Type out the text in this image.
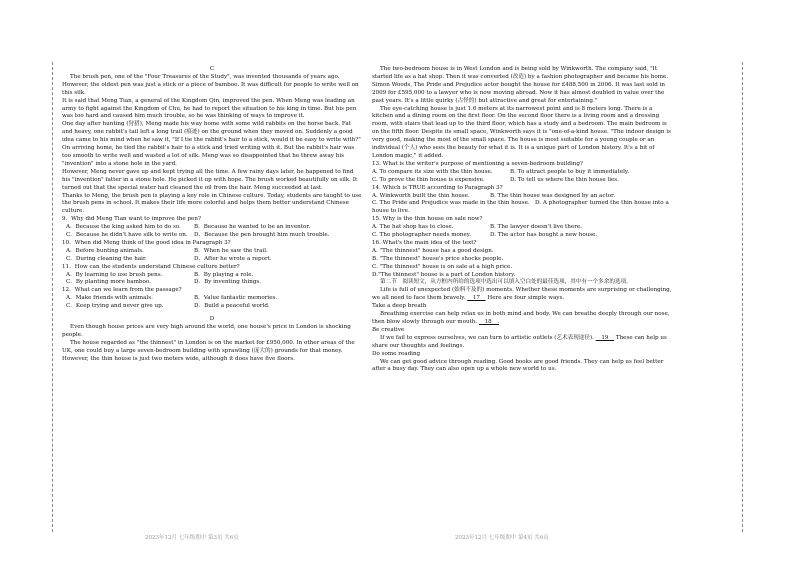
C

The brush pen, one of the "Four Treasures of the Study", was invented thousands of years ago. However, the oldest pen was just a stick or a piece of bamboo. It was difficult for people to write well on this silk.

It is said that Meng Tian, a general of the Kingdom Qin, improved the pen. When Meng was leading an army to fight against the Kingdom of Chu, he had to report the situation to his king in time. But his pen was too hard and caused him much trouble, so he was thinking of ways to improve it.

One day after hunting (狩猎), Meng made his way home with some wild rabbits on the horse back. Fat and heavy, one rabbit's tail left a long trail (痕迹) on the ground when they moved on. Suddenly a good idea came to his mind when he saw it, "If I tie the rabbit's hair to a stick, would it be easy to write with?"

On arriving home, he tied the rabbit's hair to a stick and tried writing with it. But the rabbit's hair was too smooth to write well and wasted a lot of silk. Meng was so disappointed that he threw away his "invention" into a stone hole in the yard.

However, Meng never gave up and kept trying all the time. A few rainy days later, he happened to find his "invention" fatter in a stone hole. He picked it up with hope. The brush worked beautifully on silk. It turned out that the special water had cleaned the oil from the hair. Meng succeeded at last.

Thanks to Meng, the brush pen is playing a key role in Chinese culture. Today, students are taught to use the brush pens in school. It makes their life more colorful and helps them better understand Chinese culture.

9．Why did Meng Tian want to improve the pen?

A．Because the king asked him to do so.	B．Because he wanted to be an inventor.
C．Because he didn't have silk to write on.	D．Because the pen brought him much trouble.

10．When did Meng think of the good idea in Paragraph 3?

A．Before hunting animals.	B．When he saw the trail.
C．During cleaning the hair.	D．After he wrote a report.

11．How can the students understand Chinese culture better?

A．By learning to use brush pens.	B．By playing a role.
C．By planting more bamboo.	D．By inventing things.

12．What can we learn from the passage?

A．Make friends with animals.	B．Value fantastic memories.
C．Keep trying and never give up.	D．Build a peaceful world.

D

Even though house prices are very high around the world, one house's price in London is shocking people.

The house regarded as "the thinnest" in London is on the market for £950,000. In other areas of the UK, one could buy a large seven-bedroom building with sprawling (庞大的) grounds for that money. However, the thin house is just two meters wide, although it does have five floors.

The two-bedroom house is in West London and is being sold by Winkworth. The company said, "It started life as a hat shop. Then it was converted (改造) by a fashion photographer and became his home. Simon Woods, The Pride and Prejudice actor bought the house for £488,500 in 2006. It was last sold in 2009 for £595,000 to a lawyer who is now moving abroad. Now it has almost doubled in value over the past years. It's a little quirky (古怪的) but attractive and great for entertaining."

The eye-catching house is just 1.6 meters at its narrowest point and is 8 meters long. There is a kitchen and a dining room on the first floor. On the second floor there is a living room and a dressing room, with stairs that lead up to the third floor, which has a study and a bedroom. The main bedroom is on the fifth floor. Despite its small space, Winkworth says it is "one-of-a-kind house. "The indoor design is very good, making the most of the small space. The house is most suitable for a young couple or an individual (个人) who sees the beauty for what it is. It is a unique part of London history. It's a bit of London magic," it added.

13. What is the writer's purpose of mentioning a seven-bedroom building?

A. To compare its size with the thin house.	B. To attract people to buy it immediately.
C. To prove the thin house is expensive.	D. To tell us where the thin house lies.

14. Which is TRUE according to Paragraph 3?

A. Winkworth built the thin house.	B. The thin house was designed by an actor.

C. The Pride and Prejudice was made in the thin house. D. A photographer turned the thin house into a house to live.

15. Why is the thin house on sale now?

A. The hat shop has to close.	B. The lawyer doesn't live there.
C. The photographer needs money.	D. The actor has bought a new house.

16. What's the main idea of the text?

A. "The thinnest" house has a good design.

B. "The thinnest" house's price shocks people.

C. "The thinnest" house is on sale at a high price.

D."The thinnest" house is a part of London history.

第二节　阅读短文，从方框内所给的选项中选出可以填入空白处的最佳选项，其中有一个多余的选项。

Life is full of unexpected (始料不及的) moments. Whether these moments are surprising or challenging, we all need to face them bravely. __17__ Here are four simple ways.

Take a deep breath

Breathing exercise can help relax us in both mind and body. We can breathe deeply through our nose, then blow slowly through our mouth. __18__.

Be creative

If we fail to express ourselves, we can turn to artistic outlets (艺术表现途径). __19__ These can help us share our thoughts and feelings.

Do some reading

We can get good advice through reading. Good books are good friends. They can help us feel better after a busy day. They can also open up a whole new world to us.

2023年12月 七年级期中 第3页 共6页	2023年12月 七年级期中 第4页 共6页
